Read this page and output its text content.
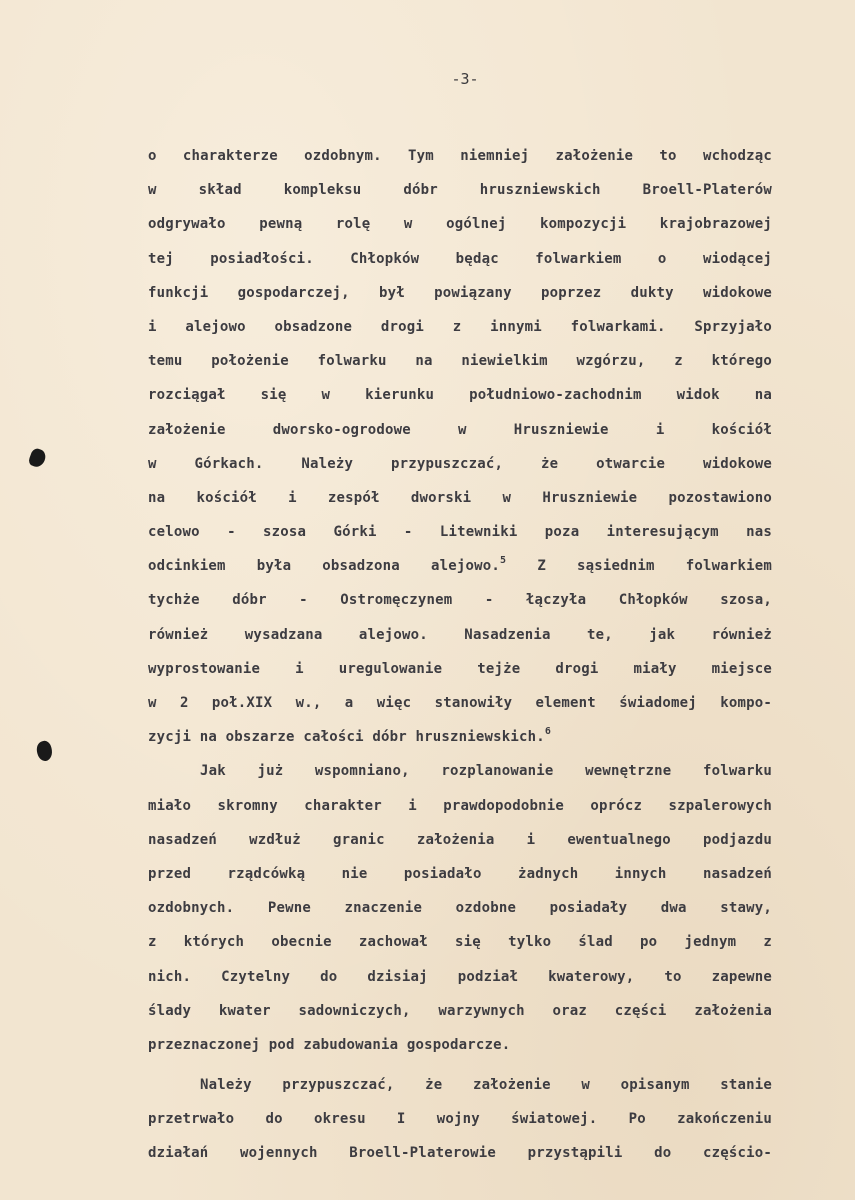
-3-
o charakterze ozdobnym. Tym niemniej założenie to wchodząc
w skład kompleksu dóbr hruszniewskich Broell-Platerów
odgrywało pewną rolę w ogólnej kompozycji krajobrazowej
tej posiadłości. Chłopków będąc folwarkiem o wiodącej
funkcji gospodarczej, był powiązany poprzez dukty widokowe
i alejowo obsadzone drogi z innymi folwarkami. Sprzyjało
temu położenie folwarku na niewielkim wzgórzu, z którego
rozciągał się w kierunku południowo-zachodnim widok na
założenie dworsko-ogrodowe w Hruszniewie i kościół
w Górkach. Należy przypuszczać, że otwarcie widokowe
na kościół i zespół dworski w Hruszniewie pozostawiono
celowo - szosa Górki - Litewniki poza interesującym nas
odcinkiem była obsadzona alejowo.$^5$ Z sąsiednim folwarkiem
tychże dóbr - Ostromęczynem - łączyła Chłopków szosa,
również wysadzana alejowo. Nasadzenia te, jak również
wyprostowanie i uregulowanie tejże drogi miały miejsce
w 2 poł.XIX w., a więc stanowiły element świadomej kompo-
zycji na obszarze całości dóbr hruszniewskich.$^6$
Jak już wspomniano, rozplanowanie wewnętrzne folwarku
miało skromny charakter i prawdopodobnie oprócz szpalerowych
nasadzeń wzdłuż granic założenia i ewentualnego podjazdu
przed rządcówką nie posiadało żadnych innych nasadzeń
ozdobnych. Pewne znaczenie ozdobne posiadały dwa stawy,
z których obecnie zachował się tylko ślad po jednym z
nich. Czytelny do dzisiaj podział kwaterowy, to zapewne
ślady kwater sadowniczych, warzywnych oraz części założenia
przeznaczonej pod zabudowania gospodarcze.
Należy przypuszczać, że założenie w opisanym stanie
przetrwało do okresu I wojny światowej. Po zakończeniu
działań wojennych Broell-Platerowie przystąpili do częścio-
